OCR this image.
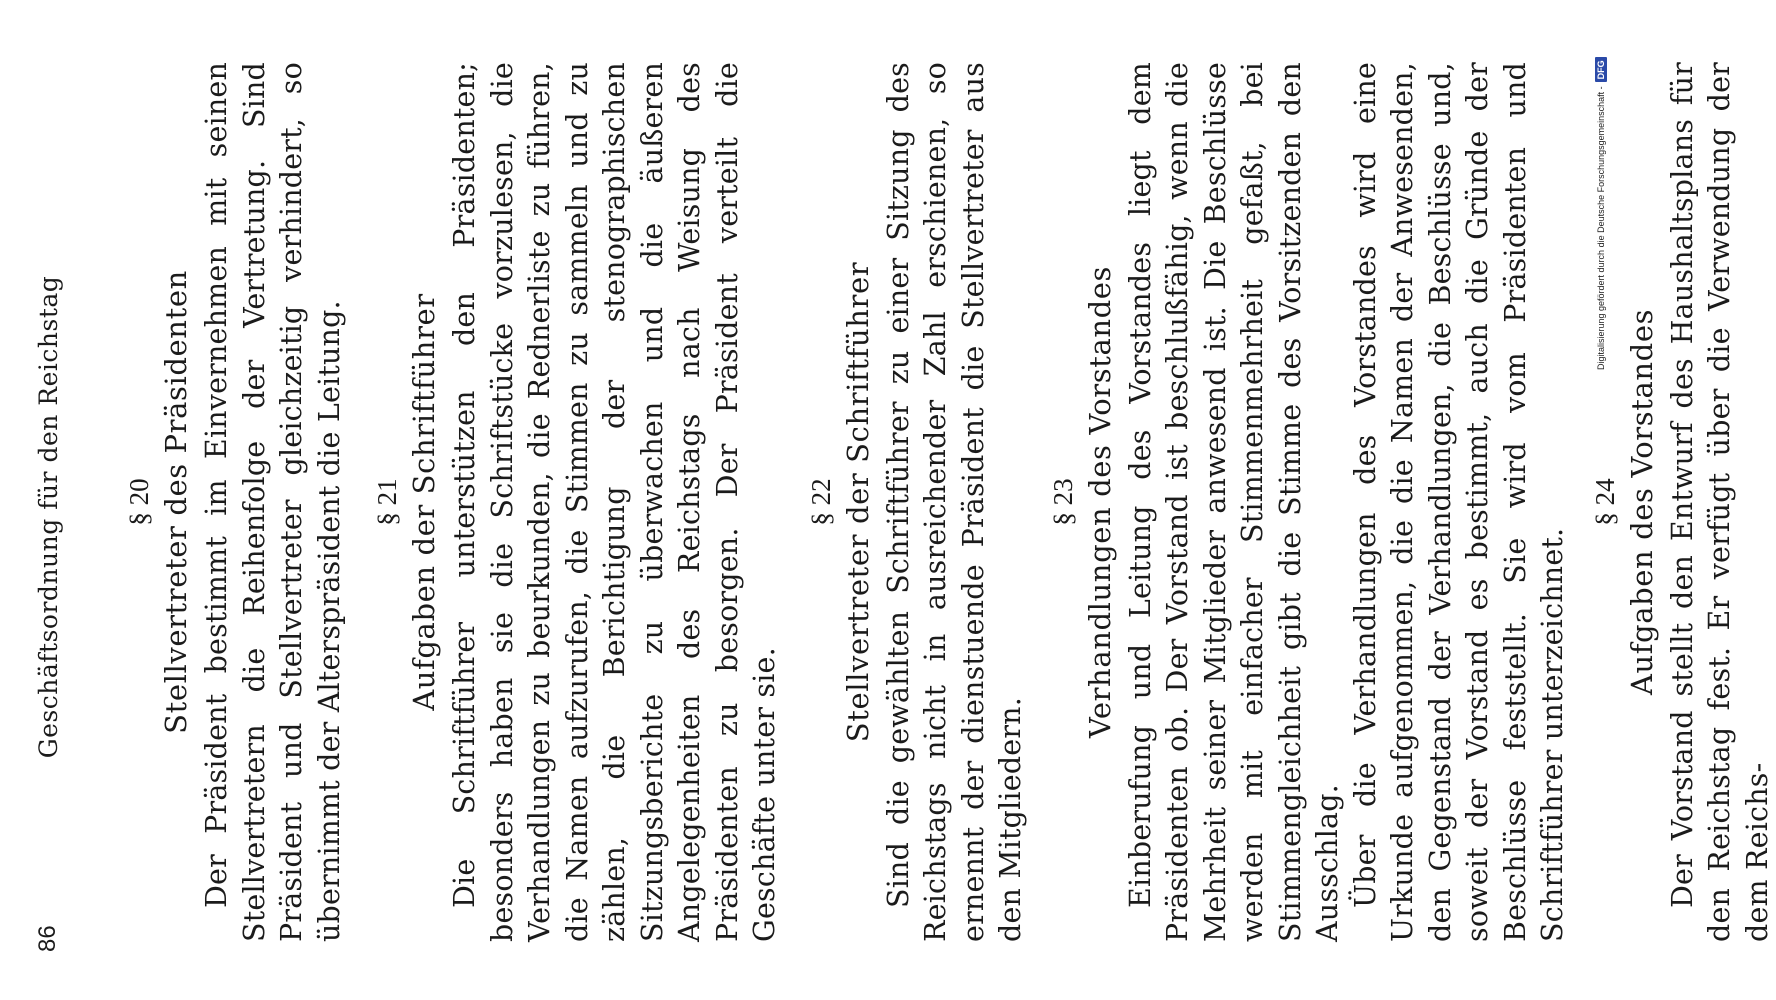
86
Geschäftsordnung für den Reichstag § 20 Stellvertreter des Präsidenten Der Präsident bestimmt im Einvernehmen mit seinen Stellvertretern die Reihenfolge der Vertretung. Sind Präsident und Stellvertreter gleichzeitig verhindert, so übernimmt der Alterspräsident die Leitung. § 21 Aufgaben der Schriftführer Die Schriftführer unterstützen den Präsidenten; besonders haben sie die Schriftstücke vorzulesen, die Verhandlungen zu beurkunden, die Rednerliste zu führen, die Namen aufzurufen, die Stimmen zu sammeln und zu zählen, die Berichtigung der stenographischen Sitzungsberichte zu überwachen und die äußeren Angelegenheiten des Reichstags nach Weisung des Präsidenten zu besorgen. Der Präsident verteilt die Geschäfte unter sie.

§ 22 Stellvertreter der Schriftführer Sind die gewählten Schriftführer zu einer Sitzung des Reichstags nicht in ausreichender Zahl erschienen, so ernennt der dienstuende Präsident die Stellvertreter aus den Mitgliedern.

§ 23 Verhandlungen des Vorstandes Einberufung und Leitung des Vorstandes liegt dem Präsidenten ob. Der Vorstand ist beschlußfähig, wenn die Mehrheit seiner Mitglieder anwesend ist. Die Beschlüsse werden mit einfacher Stimmenmehrheit gefaßt, bei Stimmengleichheit gibt die Stimme des Vorsitzenden den Ausschlag. Über die Verhandlungen des Vorstandes wird eine Urkunde aufgenommen, die die Namen der Anwesenden, den Gegenstand der Verhandlungen, die Beschlüsse und, soweit der Vorstand es bestimmt, auch die Gründe der Beschlüsse feststellt. Sie wird vom Präsidenten und Schriftführer unterzeichnet.

§ 24 Aufgaben des Vorstandes Der Vorstand stellt den Entwurf des Haushaltsplans für den Reichstag fest. Er verfügt über die Verwendung der dem Reichs-

Digitalisierung gefördert durch die Deutsche Forschungsgemeinschaft -
DFG
